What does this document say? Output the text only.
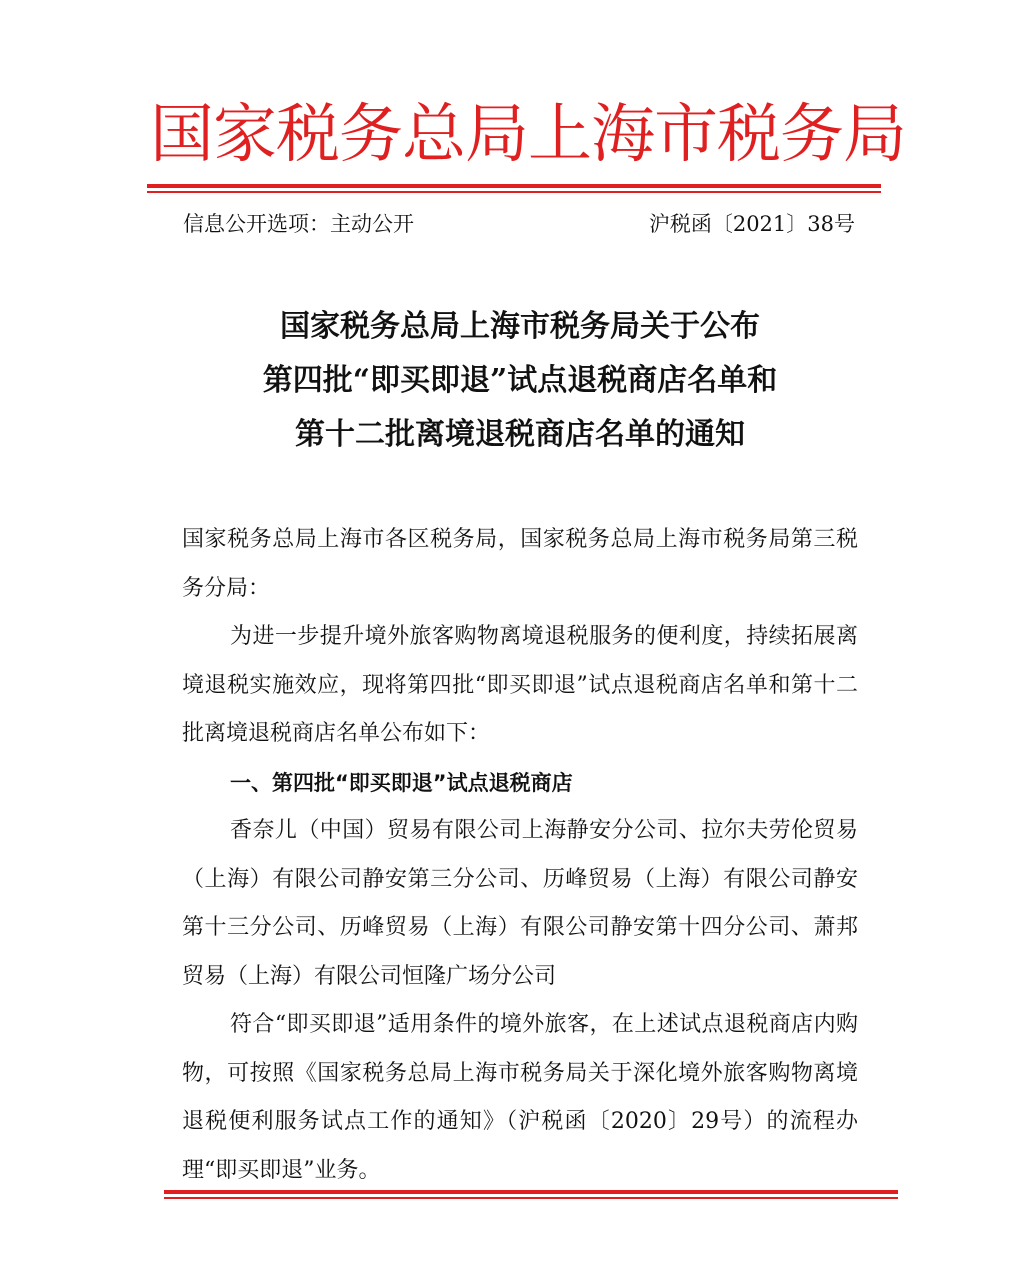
国家税务总局上海市税务局
信息公开选项：主动公开	沪税函〔2021〕38号
国家税务总局上海市税务局关于公布
第四批“即买即退”试点退税商店名单和
第十二批离境退税商店名单的通知

国家税务总局上海市各区税务局，国家税务总局上海市税务局第三税务分局：

为进一步提升境外旅客购物离境退税服务的便利度，持续拓展离境退税实施效应，现将第四批“即买即退”试点退税商店名单和第十二批离境退税商店名单公布如下：

一、第四批“即买即退”试点退税商店

香奈儿（中国）贸易有限公司上海静安分公司、拉尔夫劳伦贸易（上海）有限公司静安第三分公司、历峰贸易（上海）有限公司静安第十三分公司、历峰贸易（上海）有限公司静安第十四分公司、萧邦贸易（上海）有限公司恒隆广场分公司

符合“即买即退”适用条件的境外旅客，在上述试点退税商店内购物，可按照《国家税务总局上海市税务局关于深化境外旅客购物离境退税便利服务试点工作的通知》（沪税函〔2020〕29号）的流程办理“即买即退”业务。
